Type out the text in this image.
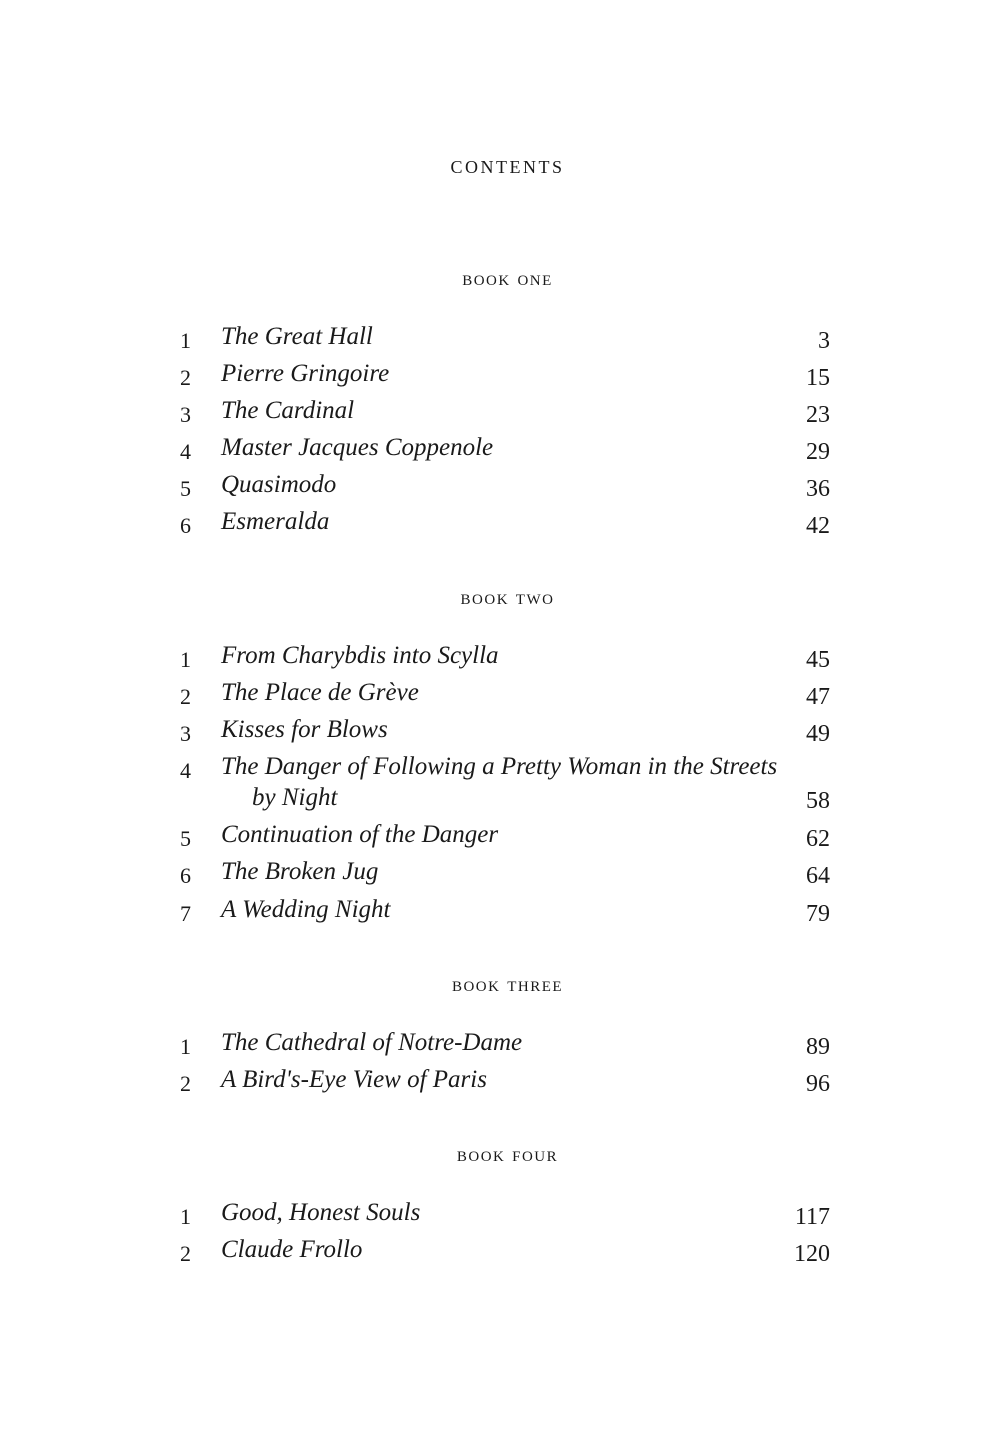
contents
book one
1	The Great Hall	3
2	Pierre Gringoire	15
3	The Cardinal	23
4	Master Jacques Coppenole	29
5	Quasimodo	36
6	Esmeralda	42
book two
1	From Charybdis into Scylla	45
2	The Place de Grève	47
3	Kisses for Blows	49
4	The Danger of Following a Pretty Woman in the Streets
by Night	58
5	Continuation of the Danger	62
6	The Broken Jug	64
7	A Wedding Night	79
book three
1	The Cathedral of Notre-Dame	89
2	A Bird's-Eye View of Paris	96
book four
1	Good, Honest Souls	117
2	Claude Frollo	120
